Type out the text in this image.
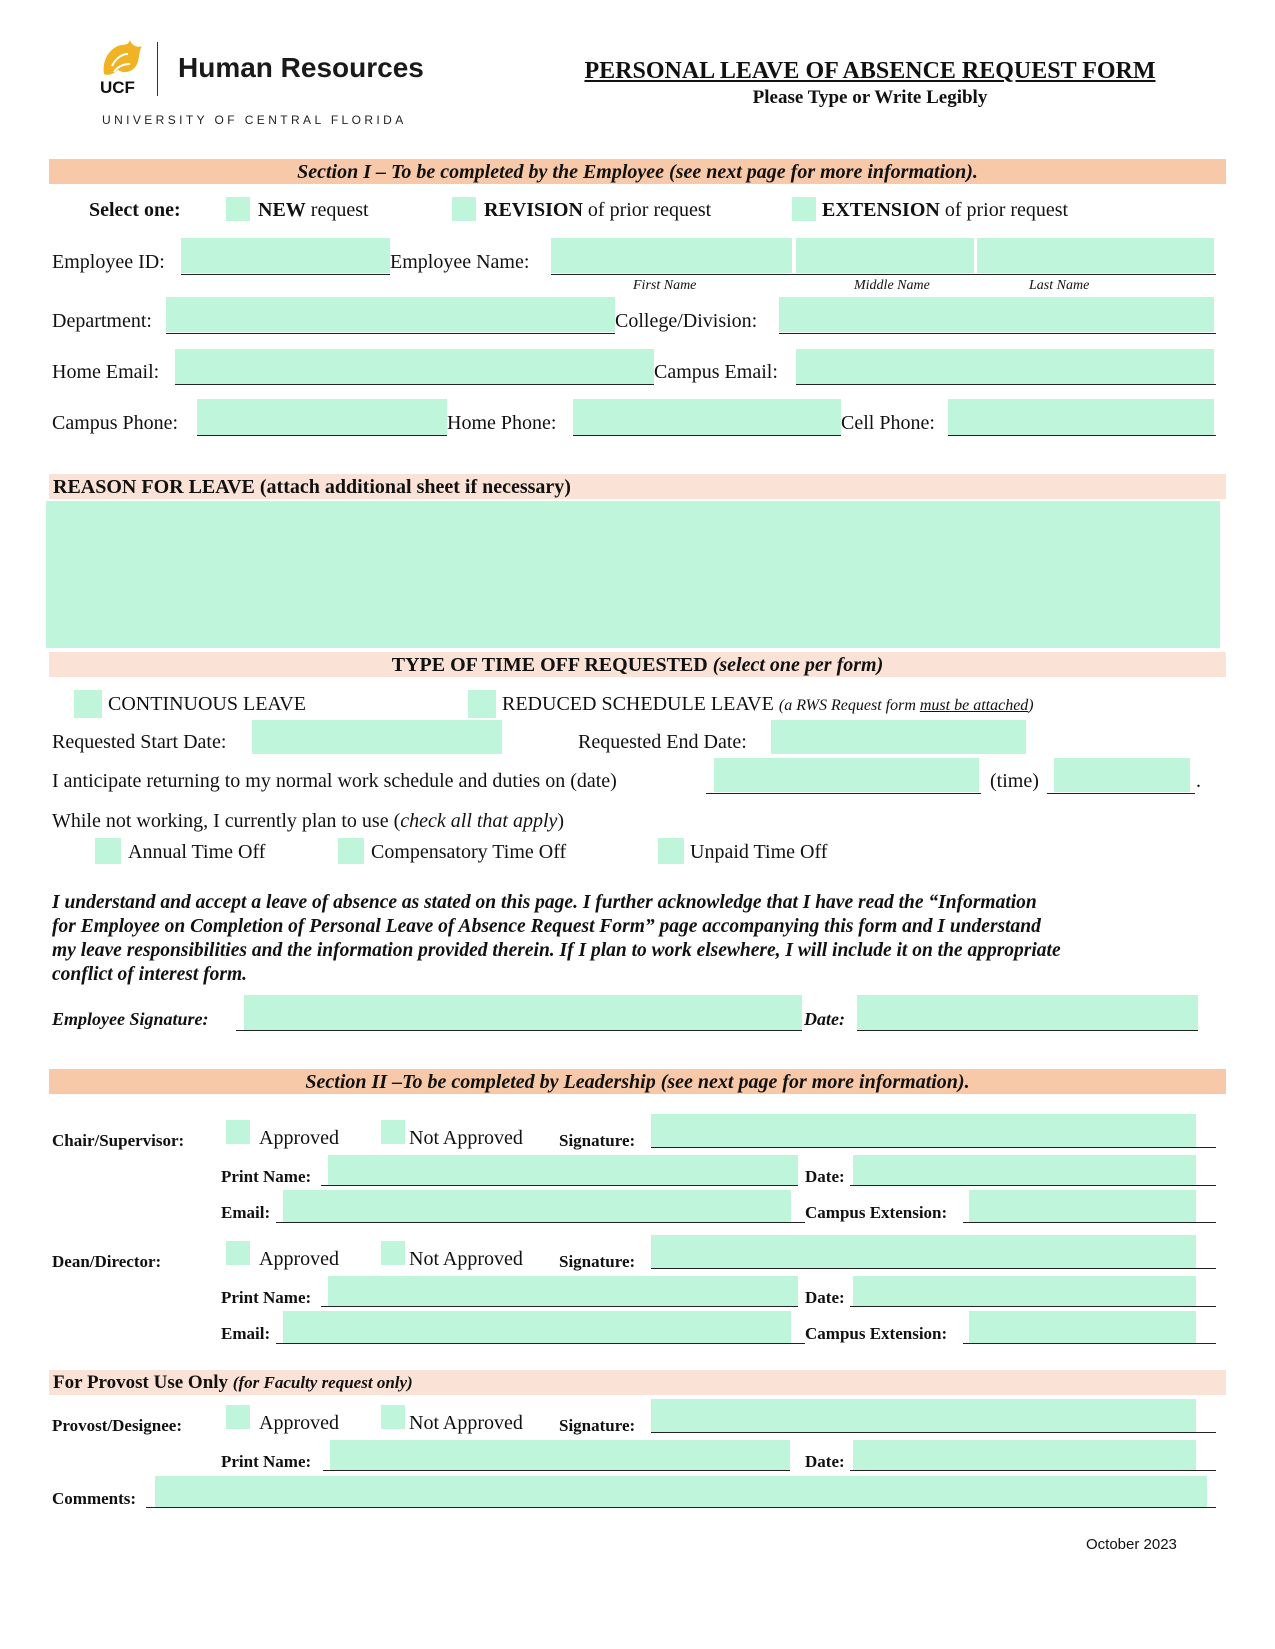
UCF
Human Resources
UNIVERSITY OF CENTRAL FLORIDA
PERSONAL LEAVE OF ABSENCE REQUEST FORM
Please Type or Write Legibly
Section I – To be completed by the Employee (see next page for more information).
Select one:	NEW request	REVISION of prior request	EXTENSION of prior request
Employee ID:	Employee Name:
First Name	Middle Name	Last Name
Department:	College/Division:
Home Email:	Campus Email:
Campus Phone:	Home Phone:	Cell Phone:
REASON FOR LEAVE (attach additional sheet if necessary)
TYPE OF TIME OFF REQUESTED (select one per form)
CONTINUOUS LEAVE	REDUCED SCHEDULE LEAVE (a RWS Request form must be attached)
Requested Start Date:	Requested End Date:
I anticipate returning to my normal work schedule and duties on (date)	(time)	.
While not working, I currently plan to use (check all that apply)
Annual Time Off	Compensatory Time Off	Unpaid Time Off
I understand and accept a leave of absence as stated on this page. I further acknowledge that I have read the “Information
for Employee on Completion of Personal Leave of Absence Request Form” page accompanying this form and I understand
my leave responsibilities and the information provided therein. If I plan to work elsewhere, I will include it on the appropriate
conflict of interest form.
Employee Signature:	Date:
Section II –To be completed by Leadership (see next page for more information).
Chair/Supervisor:	Approved	Not Approved Signature:
Print Name:	Date:
Email:	Campus Extension:
Dean/Director:	Approved	Not Approved Signature:
Print Name:	Date:
Email:	Campus Extension:
For Provost Use Only (for Faculty request only)
Provost/Designee:	Approved	Not Approved Signature:
Print Name:	Date:
Comments:
October 2023
